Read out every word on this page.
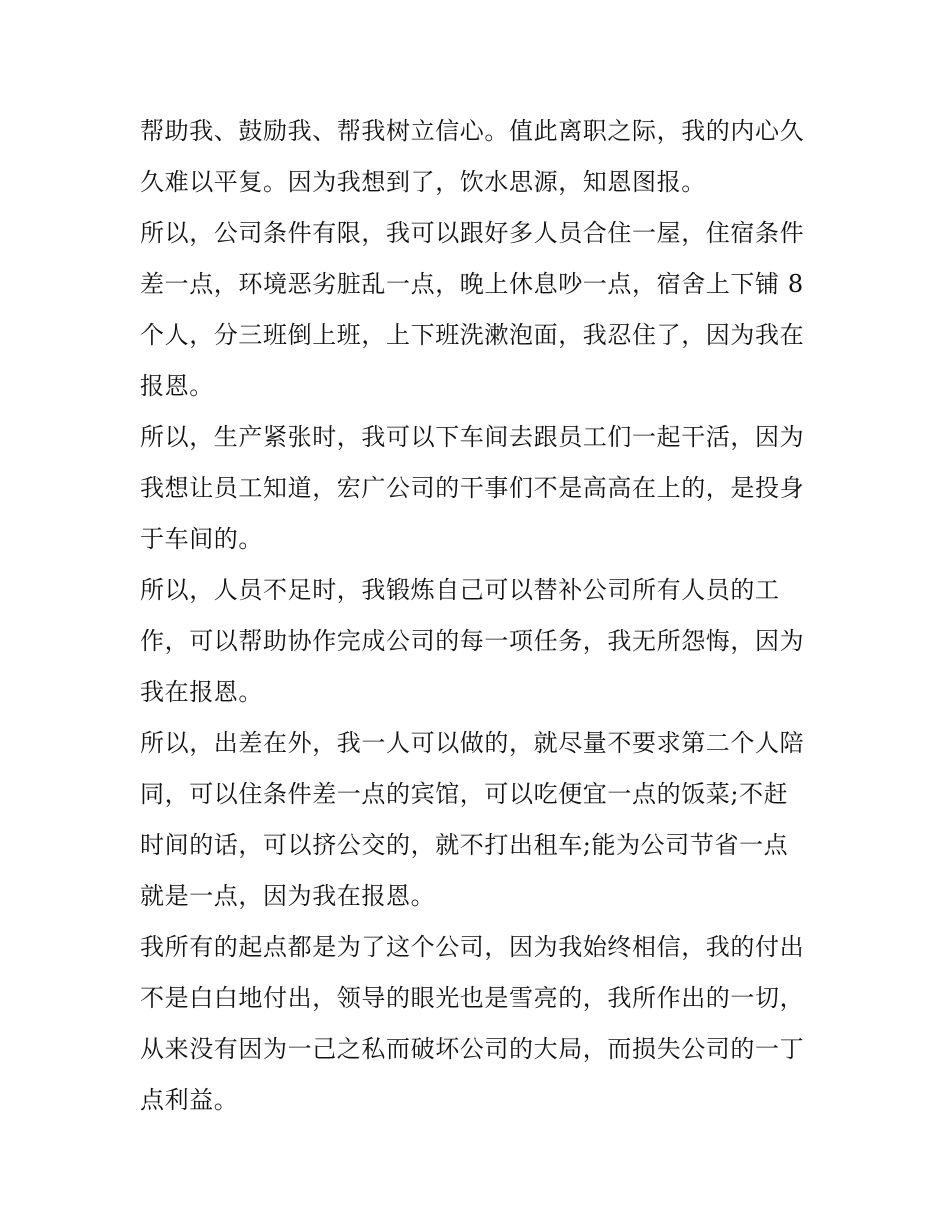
帮助我、鼓励我、帮我树立信心。值此离职之际，我的内心久
久难以平复。因为我想到了，饮水思源，知恩图报。
所以，公司条件有限，我可以跟好多人员合住一屋，住宿条件
差一点，环境恶劣脏乱一点，晚上休息吵一点，宿舍上下铺 8
个人，分三班倒上班，上下班洗漱泡面，我忍住了，因为我在
报恩。
所以，生产紧张时，我可以下车间去跟员工们一起干活，因为
我想让员工知道，宏广公司的干事们不是高高在上的，是投身
于车间的。
所以，人员不足时，我锻炼自己可以替补公司所有人员的工
作，可以帮助协作完成公司的每一项任务，我无所怨悔，因为
我在报恩。
所以，出差在外，我一人可以做的，就尽量不要求第二个人陪
同，可以住条件差一点的宾馆，可以吃便宜一点的饭菜;不赶
时间的话，可以挤公交的，就不打出租车;能为公司节省一点
就是一点，因为我在报恩。
我所有的起点都是为了这个公司，因为我始终相信，我的付出
不是白白地付出，领导的眼光也是雪亮的，我所作出的一切，
从来没有因为一己之私而破坏公司的大局，而损失公司的一丁
点利益。
